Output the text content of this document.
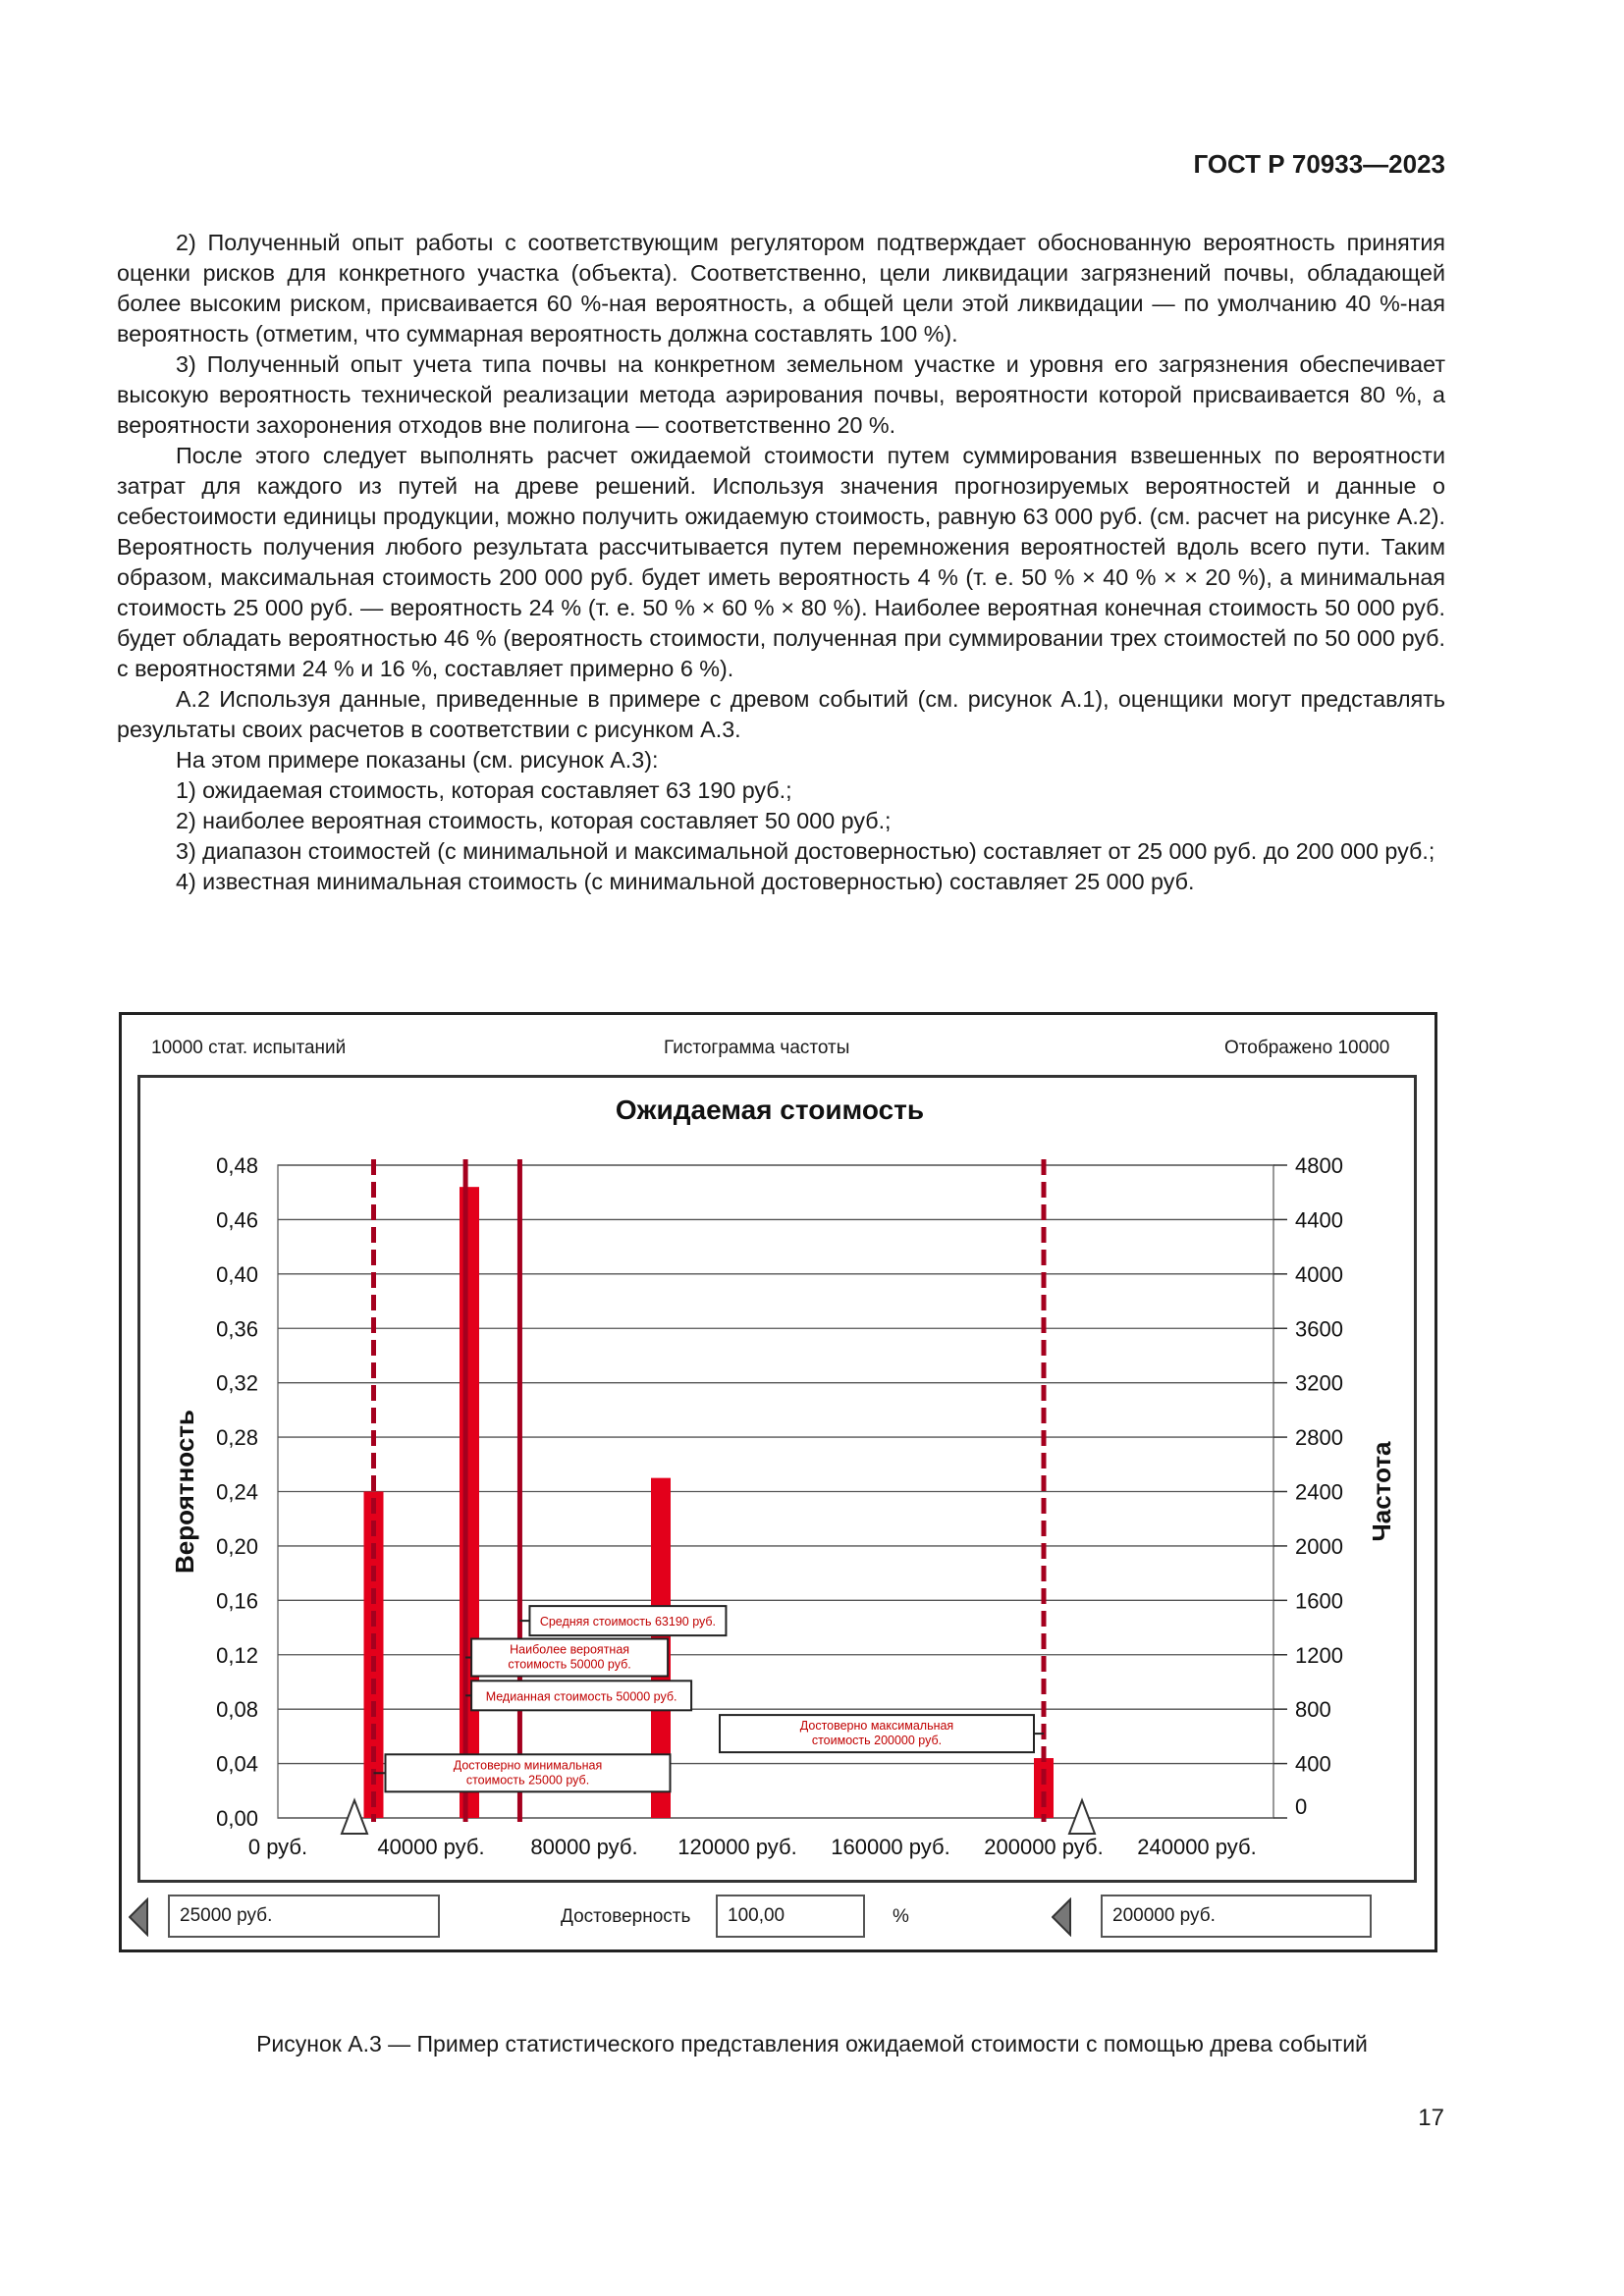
ГОСТ Р 70933—2023

2) Полученный опыт работы с соответствующим регулятором подтверждает обоснованную вероятность принятия оценки рисков для конкретного участка (объекта). Соответственно, цели ликвидации загрязнений почвы, обладающей более высоким риском, присваивается 60 %-ная вероятность, а общей цели этой ликвидации — по умолчанию 40 %-ная вероятность (отметим, что суммарная вероятность должна составлять 100 %).

3) Полученный опыт учета типа почвы на конкретном земельном участке и уровня его загрязнения обеспечивает высокую вероятность технической реализации метода аэрирования почвы, вероятности которой присваивается 80 %, а вероятности захоронения отходов вне полигона — соответственно 20 %.

После этого следует выполнять расчет ожидаемой стоимости путем суммирования взвешенных по вероятности затрат для каждого из путей на древе решений. Используя значения прогнозируемых вероятностей и данные о себестоимости единицы продукции, можно получить ожидаемую стоимость, равную 63 000 руб. (см. расчет на рисунке А.2). Вероятность получения любого результата рассчитывается путем перемножения вероятностей вдоль всего пути. Таким образом, максимальная стоимость 200 000 руб. будет иметь вероятность 4 % (т. е. 50 % × 40 % × × 20 %), а минимальная стоимость 25 000 руб. — вероятность 24 % (т. е. 50 % × 60 % × 80 %). Наиболее вероятная конечная стоимость 50 000 руб. будет обладать вероятностью 46 % (вероятность стоимости, полученная при суммировании трех стоимостей по 50 000 руб. с вероятностями 24 % и 16 %, составляет примерно 6 %).

А.2 Используя данные, приведенные в примере с древом событий (см. рисунок А.1), оценщики могут представлять результаты своих расчетов в соответствии с рисунком А.3.

На этом примере показаны (см. рисунок А.3):

1) ожидаемая стоимость, которая составляет 63 190 руб.;

2) наиболее вероятная стоимость, которая составляет 50 000 руб.;

3) диапазон стоимостей (с минимальной и максимальной достоверностью) составляет от 25 000 руб. до 200 000 руб.;

4) известная минимальная стоимость (с минимальной достоверностью) составляет 25 000 руб.

10000 стат. испытаний	Гистограмма частоты	Отображено 10000
0,00
0,04
0,08
0,12
0,16
0,20
0,24
0,28
0,32
0,36
0,40
0,46
0,48
0
400
800
1200
1600
2000
2400
2800
3200
3600
4000
4400
4800
0 руб.	40000 руб. 80000 руб. 120000 руб. 160000 руб. 200000 руб. 240000 руб.
Средняя стоимость 63190 руб.
Наиболее вероятная
стоимость 50000 руб.
Медианная стоимость 50000 руб.
Достоверно максимальная
стоимость 200000 руб.
Достоверно минимальная
стоимость 25000 руб.
Ожидаемая стоимость
Вероятность	Частота
25000 руб.	Достоверность	100,00	%	200000 руб.
Рисунок А.3 — Пример статистического представления ожидаемой стоимости с помощью древа событий
17
